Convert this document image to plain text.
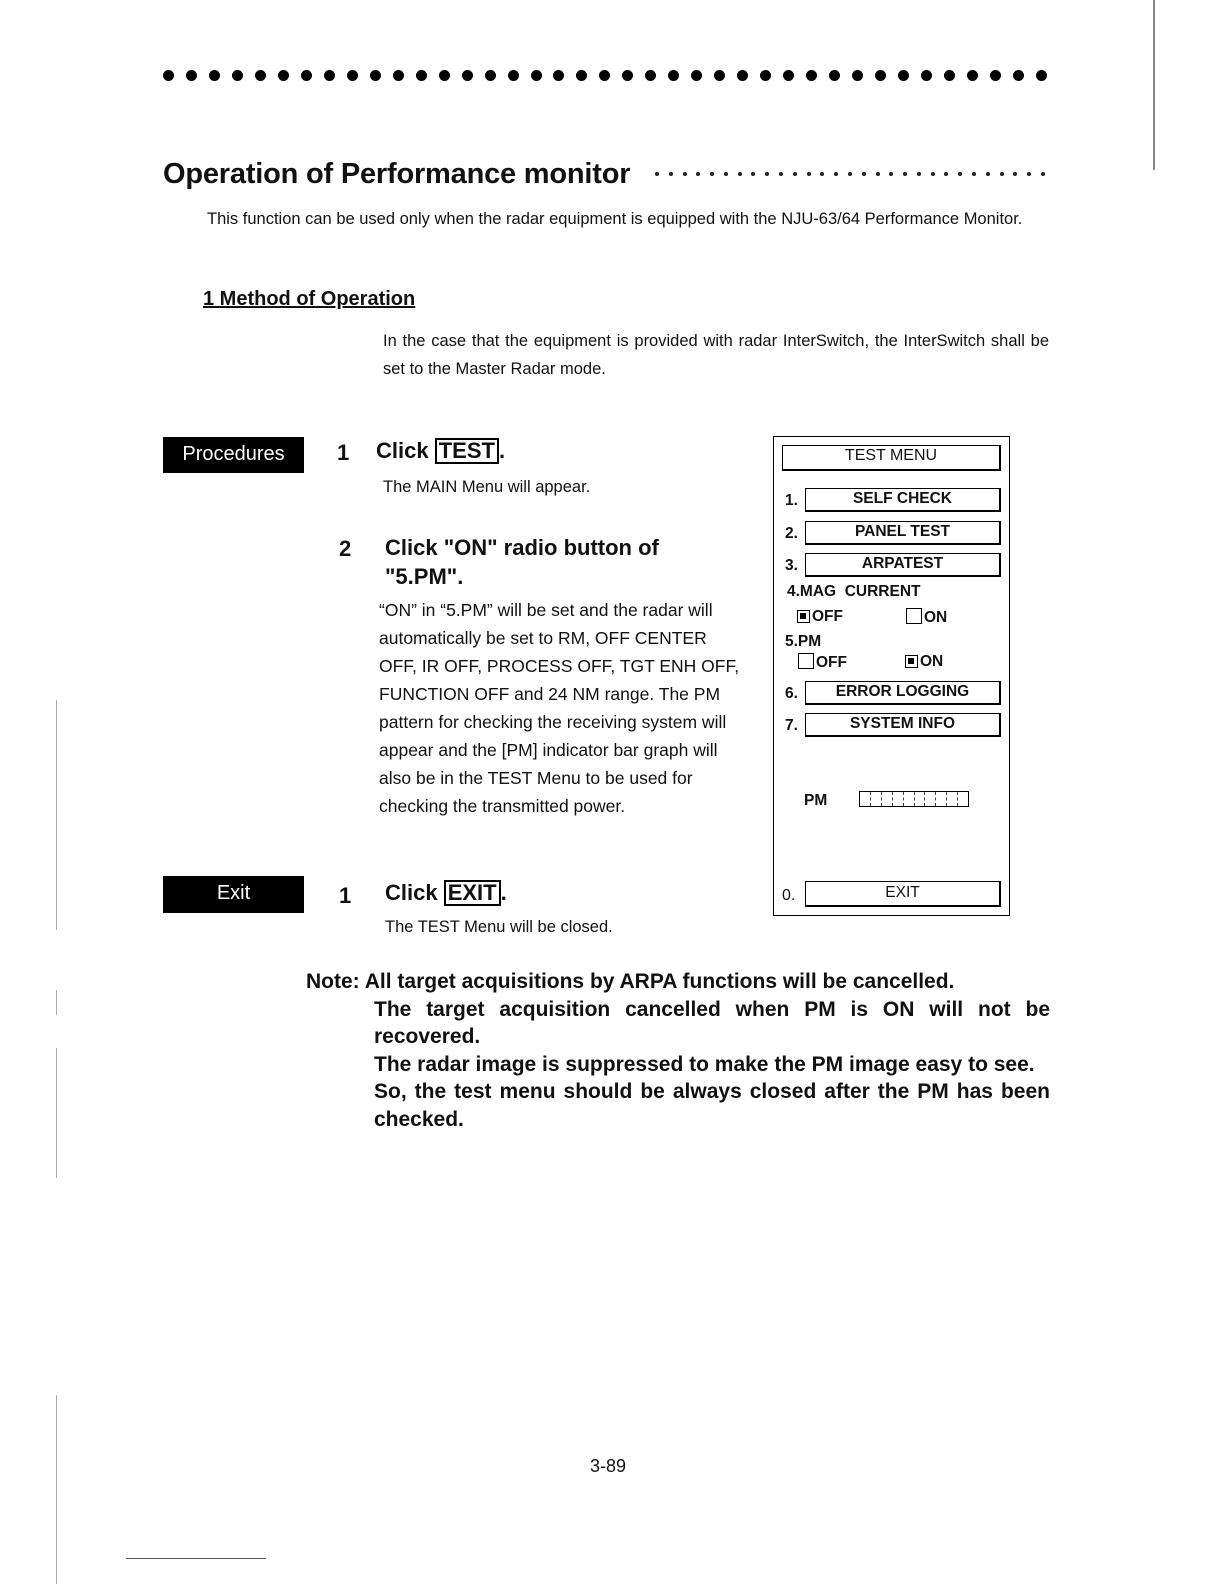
Operation of Performance monitor
This function can be used only when the radar equipment is equipped with the NJU-63/64 Performance Monitor.
1 Method of Operation
In the case that the equipment is provided with radar InterSwitch, the InterSwitch shall be set to the Master Radar mode.
Procedures	1 Click TEST .
The MAIN Menu will appear.
2 Click "ON" radio button of
"5.PM".
“ON” in “5.PM” will be set and the radar will automatically be set to RM, OFF CENTER OFF, IR OFF, PROCESS OFF, TGT ENH OFF, FUNCTION OFF and 24 NM range. The PM pattern for checking the receiving system will appear and the [PM] indicator bar graph will also be in the TEST Menu to be used for checking the transmitted power.
Exit	1 Click EXIT .
The TEST Menu will be closed.
TEST MENU
1.	SELF CHECK
2.	PANEL TEST
3.	ARPATEST
4.MAG  CURRENT
OFF	ON
5.PM
OFF	ON
6.	ERROR LOGGING
7.	SYSTEM INFO
PM
0.	EXIT
Note: All target acquisitions by ARPA functions will be cancelled.
The target acquisition cancelled when PM is ON will not be recovered.
The radar image is suppressed to make the PM image easy to see.
So, the test menu should be always closed after the PM has been checked.
3-89
